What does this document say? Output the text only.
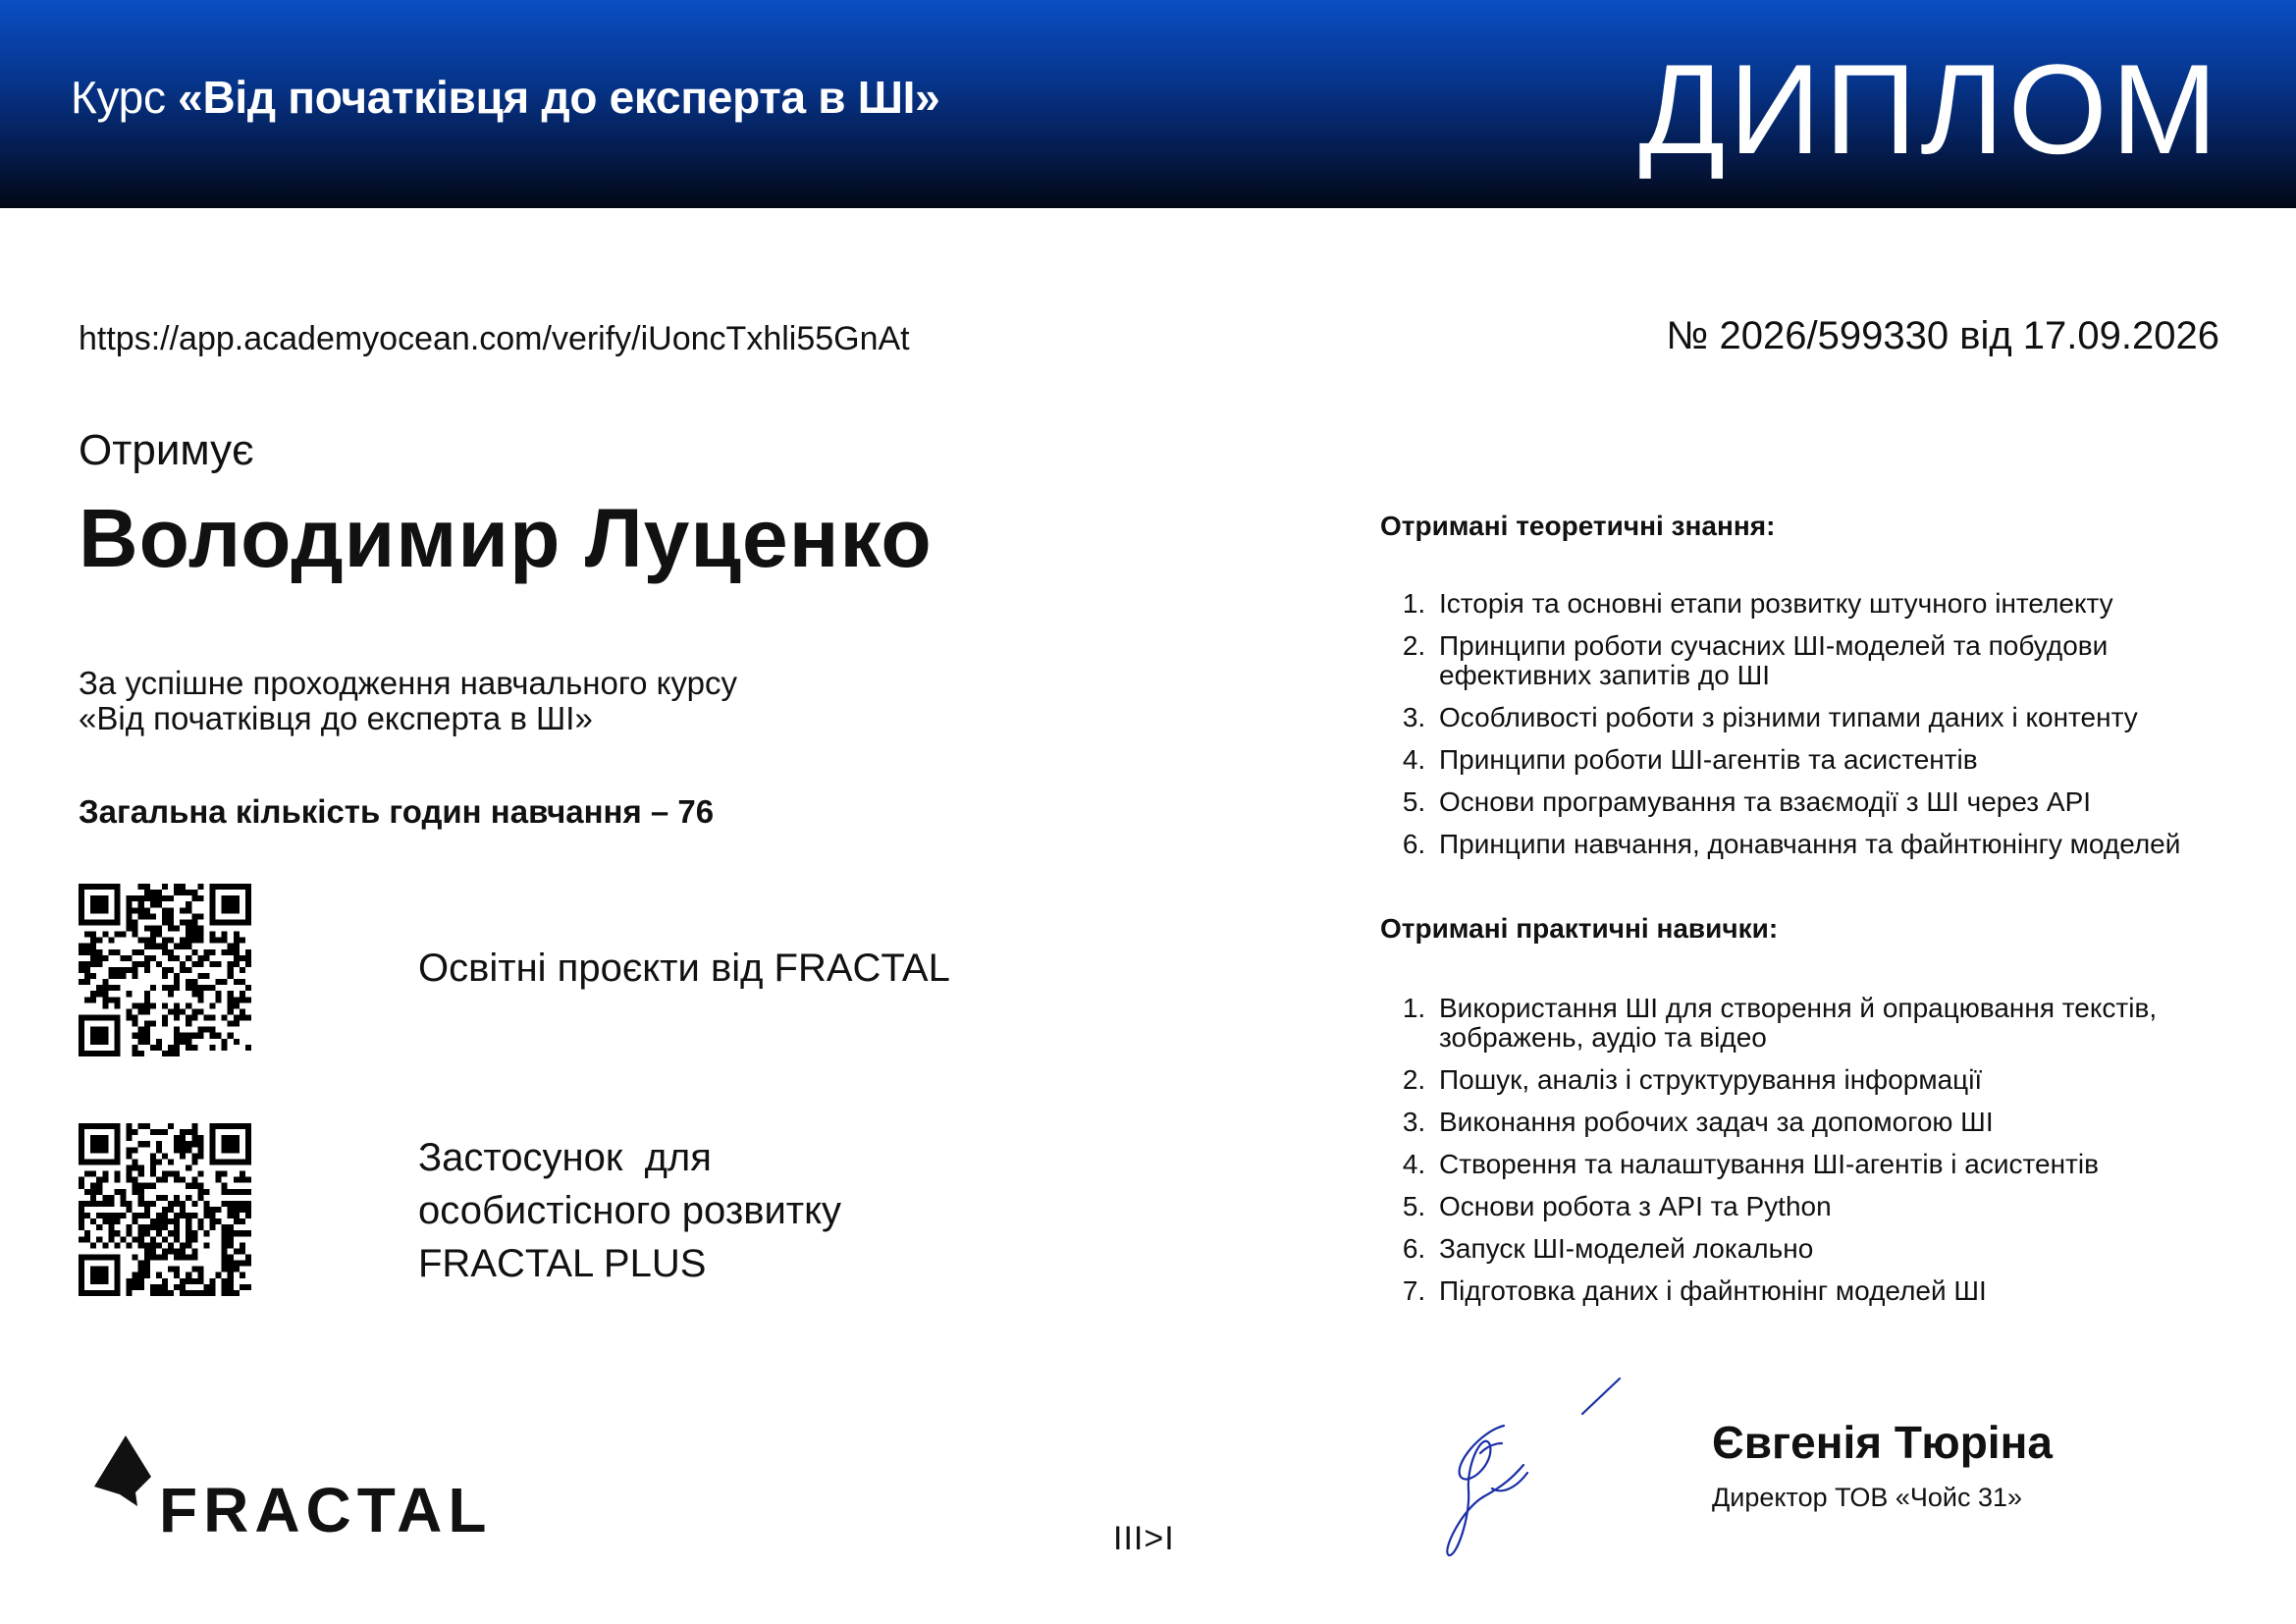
Курс «Від початківця до експерта в ШІ»	ДИПЛОМ
https://app.academyocean.com/verify/iUoncTxhli55GnAt	№ 2026/599330 від 17.09.2026
Отримує
Володимир Луценко
За успішне проходження навчального курсу
«Від початківця до експерта в ШІ»
Загальна кількість годин навчання – 76
Освітні проєкти від FRACTAL
Застосунок  для
особистісного розвитку
FRACTAL PLUS
Отримані теоретичні знання:
1. Історія та основні етапи розвитку штучного інтелекту
2. Принципи роботи сучасних ШІ-моделей та побудови ефективних запитів до ШІ
3. Особливості роботи з різними типами даних і контенту
4. Принципи роботи ШІ-агентів та асистентів
5. Основи програмування та взаємодії з ШІ через API
6. Принципи навчання, донавчання та файнтюнінгу моделей
Отримані практичні навички:
1. Використання ШІ для створення й опрацювання текстів, зображень, аудіо та відео
2. Пошук, аналіз і структурування інформації
3. Виконання робочих задач за допомогою ШІ
4. Створення та налаштування ШІ-агентів і асистентів
5. Основи робота з API та Python
6. Запуск ШІ-моделей локально
7. Підготовка даних і файнтюнінг моделей ШІ
Євгенія Тюріна
Директор ТОВ «Чойс 31»
FRACTAL	III>I
